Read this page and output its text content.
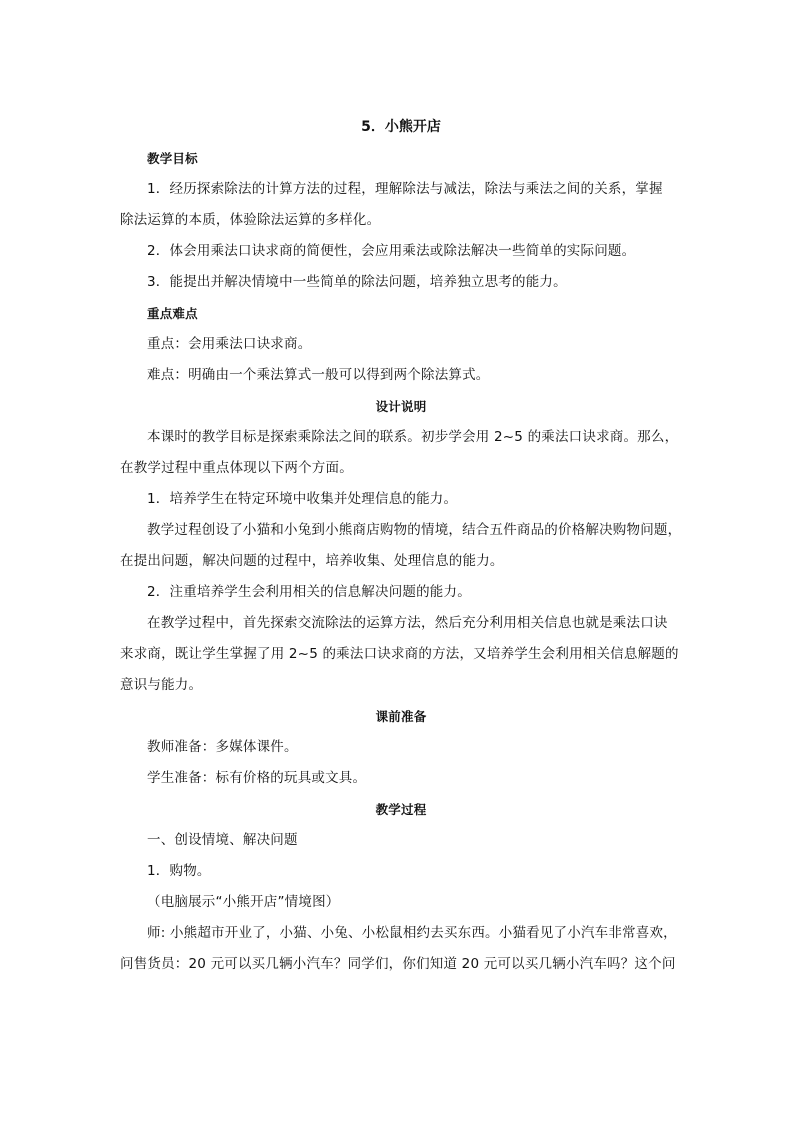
5．小熊开店
教学目标
1．经历探索除法的计算方法的过程，理解除法与减法，除法与乘法之间的关系，掌握
除法运算的本质，体验除法运算的多样化。
2．体会用乘法口诀求商的简便性，会应用乘法或除法解决一些简单的实际问题。
3．能提出并解决情境中一些简单的除法问题，培养独立思考的能力。
重点难点
重点：会用乘法口诀求商。
难点：明确由一个乘法算式一般可以得到两个除法算式。
设计说明
本课时的教学目标是探索乘除法之间的联系。初步学会用 2~5 的乘法口诀求商。那么，
在教学过程中重点体现以下两个方面。
1．培养学生在特定环境中收集并处理信息的能力。
教学过程创设了小猫和小兔到小熊商店购物的情境，结合五件商品的价格解决购物问题，
在提出问题，解决问题的过程中，培养收集、处理信息的能力。
2．注重培养学生会利用相关的信息解决问题的能力。
在教学过程中，首先探索交流除法的运算方法，然后充分利用相关信息也就是乘法口诀
来求商，既让学生掌握了用 2~5 的乘法口诀求商的方法，又培养学生会利用相关信息解题的
意识与能力。
课前准备
教师准备：多媒体课件。
学生准备：标有价格的玩具或文具。
教学过程
一、创设情境、解决问题
1．购物。
（电脑展示“小熊开店”情境图）
师: 小熊超市开业了，小猫、小兔、小松鼠相约去买东西。小猫看见了小汽车非常喜欢，
问售货员：20 元可以买几辆小汽车？同学们，你们知道 20 元可以买几辆小汽车吗？这个问
